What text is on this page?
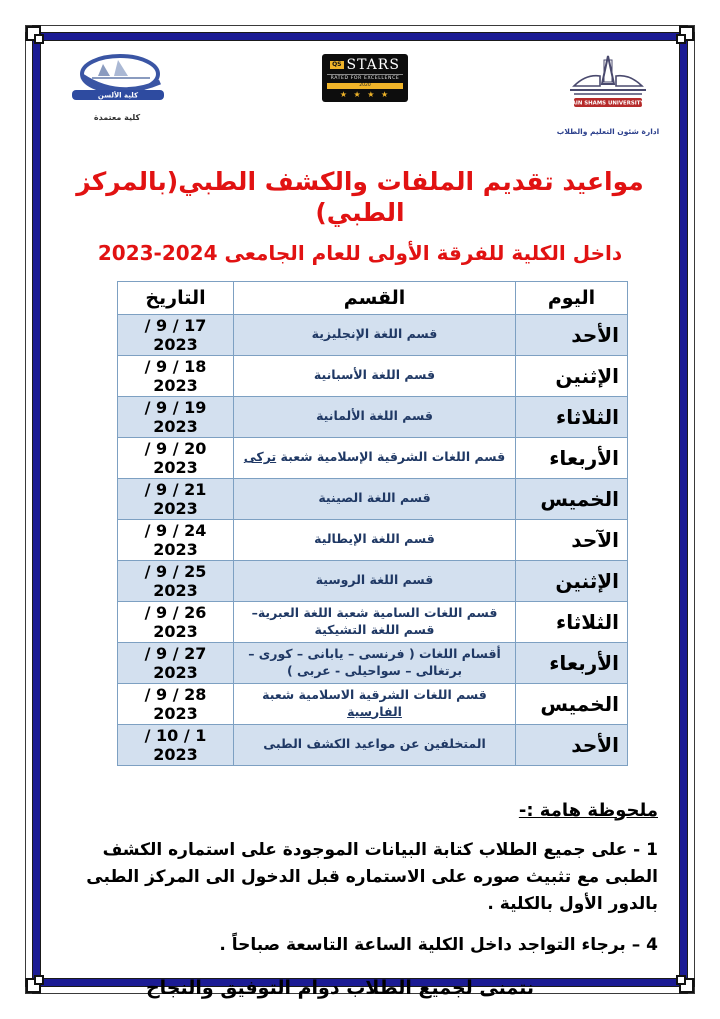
كلية الألسن
كلية معتمدة
QS STARS
RATED FOR EXCELLENCE
2020
★ ★ ★ ★
AIN SHAMS UNIVERSITY
ادارة شئون التعليم والطلاب
مواعيد تقديم الملفات والكشف الطبي(بالمركز الطبي)
داخل الكلية للفرقة الأولى للعام الجامعى 2024-2023
اليوم	القسم	التاريخ
الأحد	قسم اللغة الإنجليزية	17 / 9 / 2023
الإثنين	قسم اللغة الأسبانية	18 / 9 / 2023
الثلاثاء	قسم اللغة الألمانية	19 / 9 / 2023
الأربعاء	قسم اللغات الشرقية الإسلامية شعبة تركى	20 / 9 / 2023
الخميس	قسم اللغة الصينية	21 / 9 / 2023
الآحد	قسم اللغة الإيطالية	24 / 9 / 2023
الإثنين	قسم اللغة الروسية	25 / 9 / 2023
الثلاثاء	قسم اللغات السامية شعبة اللغة العبرية– قسم اللغة التشيكية	26 / 9 / 2023
الأربعاء	أقسام اللغات ( فرنسى – يابانى – كورى – برتغالى – سواحيلى - عربى )	27 / 9 / 2023
الخميس	قسم اللغات الشرقية الاسلامية شعبة الفارسية	28 / 9 / 2023
الأحد	المتخلفين عن مواعيد الكشف الطبى	1 / 10 / 2023
ملحوظة هامة :-

1 - على جميع الطلاب كتابة البيانات الموجودة على استماره الكشف الطبى مع تثبيث صوره على الاستماره قبل الدخول الى المركز الطبى بالدور الأول بالكلية .

4 – برجاء التواجد داخل الكلية الساعة التاسعة صباحاً .

نتمنى لجميع الطلاب دوام التوفيق والنجاح
